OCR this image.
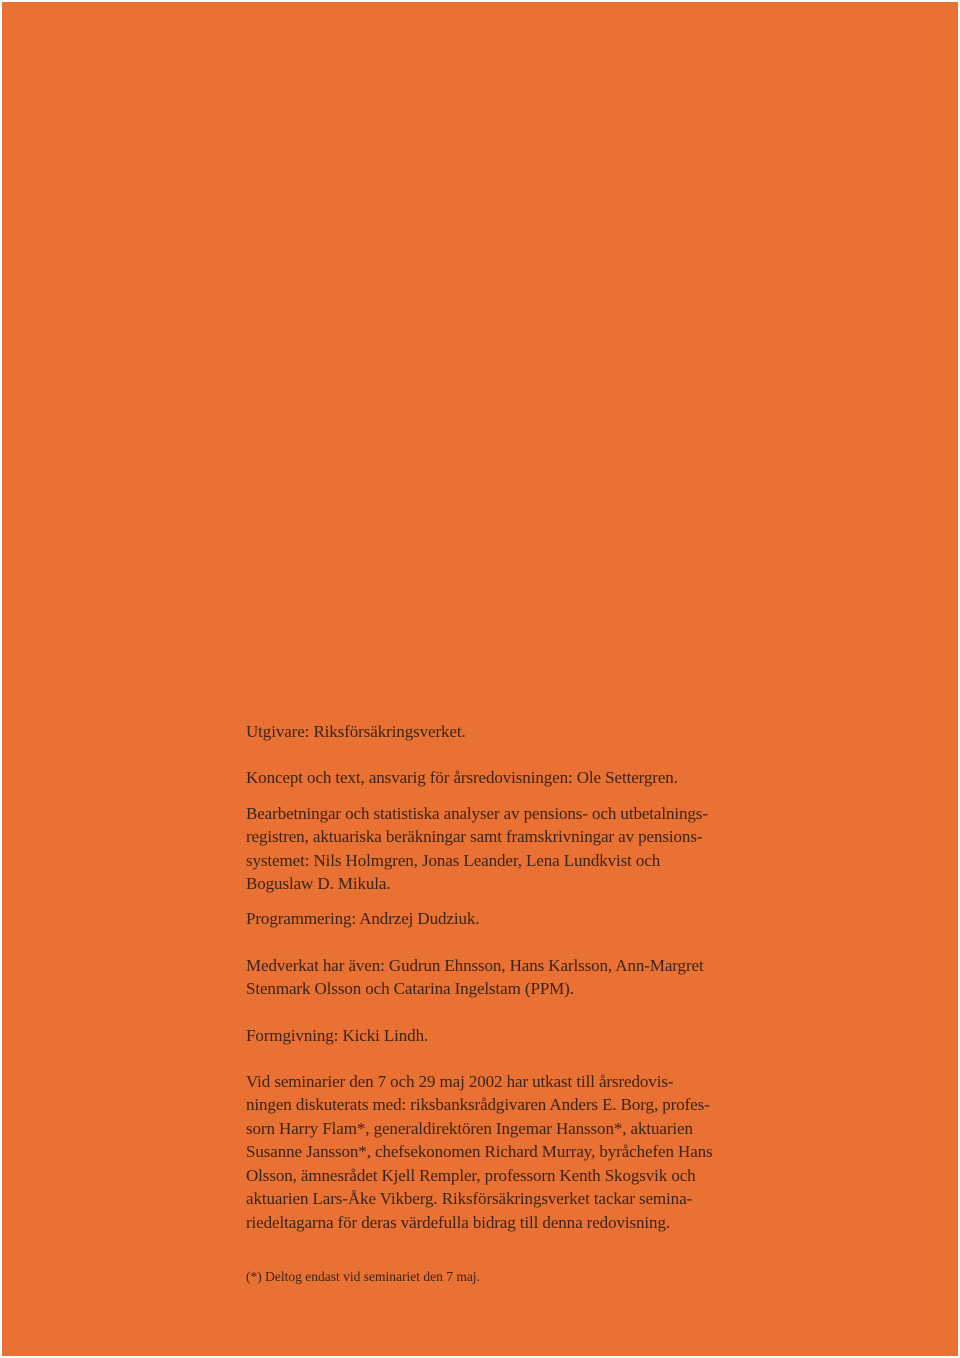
Utgivare: Riksförsäkringsverket.

Koncept och text, ansvarig för årsredovisningen: Ole Settergren.

Bearbetningar och statistiska analyser av pensions- och utbetalnings-

registren, aktuariska beräkningar samt framskrivningar av pensions-

systemet: Nils Holmgren, Jonas Leander, Lena Lundkvist och

Boguslaw D. Mikula.

Programmering: Andrzej Dudziuk.

Medverkat har även: Gudrun Ehnsson, Hans Karlsson, Ann-Margret

Stenmark Olsson och Catarina Ingelstam (PPM).

Formgivning: Kicki Lindh.

Vid seminarier den 7 och 29 maj 2002 har utkast till årsredovis-

ningen diskuterats med: riksbanksrådgivaren Anders E. Borg, profes-

sorn Harry Flam*, generaldirektören Ingemar Hansson*, aktuarien

Susanne Jansson*, chefsekonomen Richard Murray, byråchefen Hans

Olsson, ämnesrådet Kjell Rempler, professorn Kenth Skogsvik och

aktuarien Lars-Åke Vikberg. Riksförsäkringsverket tackar semina-

riedeltagarna för deras värdefulla bidrag till denna redovisning.

(*) Deltog endast vid seminariet den 7 maj.
